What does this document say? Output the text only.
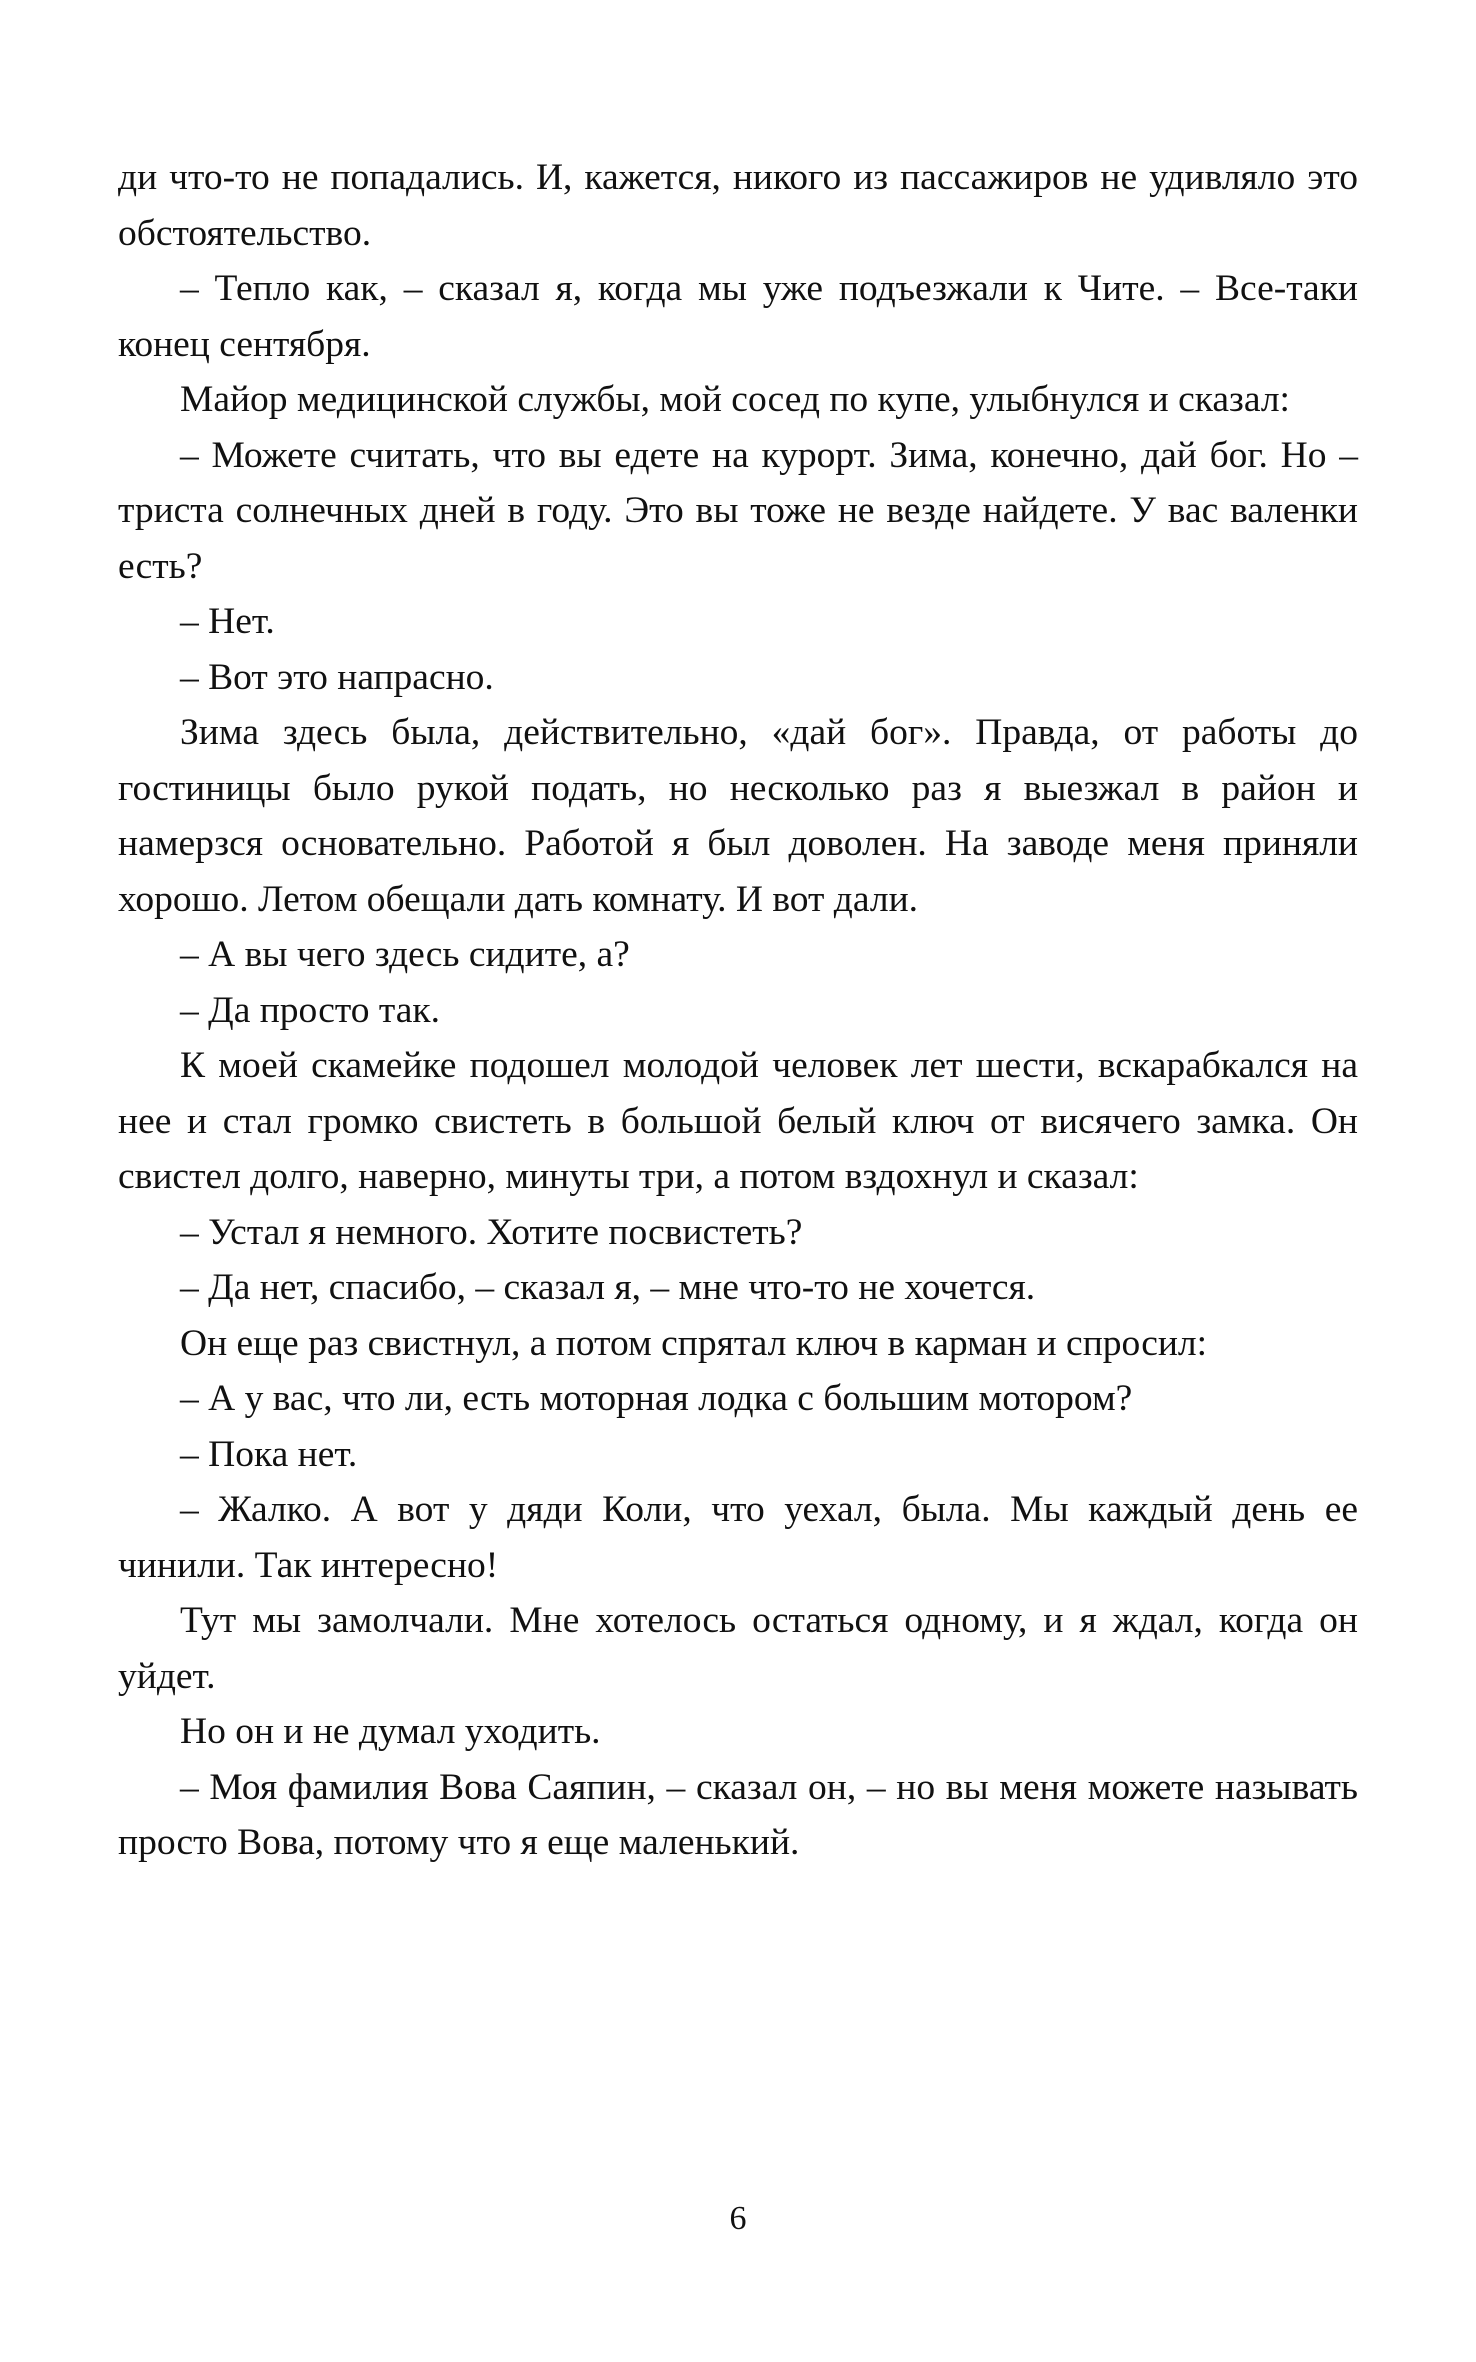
ди что-то не попадались. И, кажется, никого из пассажиров не удивляло это обстоятельство.

– Тепло как, – сказал я, когда мы уже подъезжали к Чите. – Все-таки конец сентября.

Майор медицинской службы, мой сосед по купе, улыбнулся и сказал:

– Можете считать, что вы едете на курорт. Зима, конечно, дай бог. Но – триста солнечных дней в году. Это вы тоже не везде найдете. У вас валенки есть?

– Нет.

– Вот это напрасно.

Зима здесь была, действительно, «дай бог». Правда, от работы до гостиницы было рукой подать, но несколько раз я выезжал в район и намерзся основательно. Работой я был доволен. На заводе меня приняли хорошо. Летом обещали дать комнату. И вот дали.

– А вы чего здесь сидите, а?

– Да просто так.

К моей скамейке подошел молодой человек лет шести, вскарабкался на нее и стал громко свистеть в большой белый ключ от висячего замка. Он свистел долго, наверно, минуты три, а потом вздохнул и сказал:

– Устал я немного. Хотите посвистеть?

– Да нет, спасибо, – сказал я, – мне что-то не хочется.

Он еще раз свистнул, а потом спрятал ключ в карман и спросил:

– А у вас, что ли, есть моторная лодка с большим мотором?

– Пока нет.

– Жалко. А вот у дяди Коли, что уехал, была. Мы каждый день ее чинили. Так интересно!

Тут мы замолчали. Мне хотелось остаться одному, и я ждал, когда он уйдет.

Но он и не думал уходить.

– Моя фамилия Вова Саяпин, – сказал он, – но вы меня можете называть просто Вова, потому что я еще маленький.

6
